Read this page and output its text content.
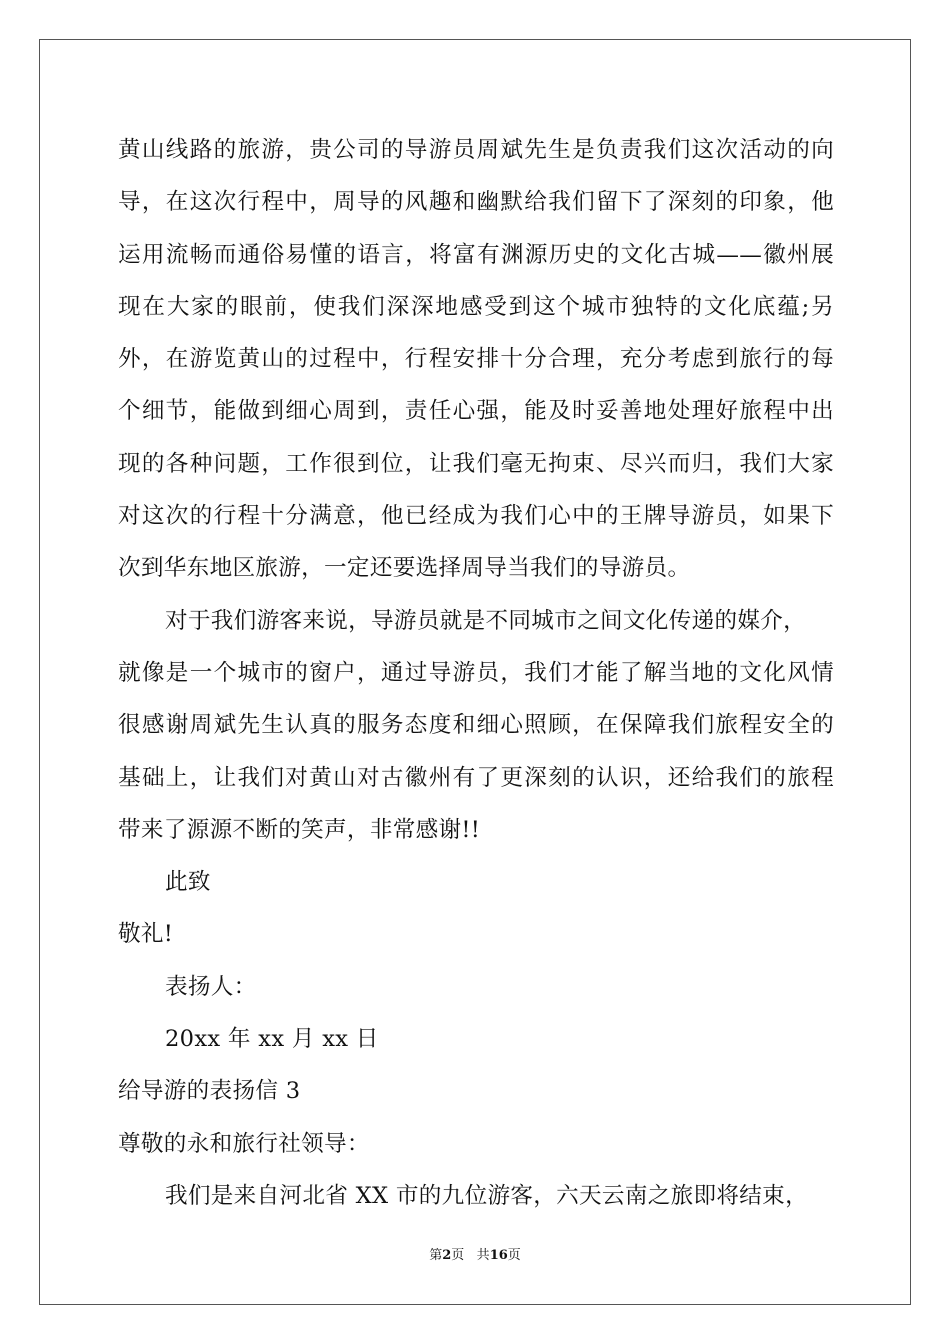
黄山线路的旅游，贵公司的导游员周斌先生是负责我们这次活动的向
导，在这次行程中，周导的风趣和幽默给我们留下了深刻的印象，他
运用流畅而通俗易懂的语言，将富有渊源历史的文化古城——徽州展
现在大家的眼前，使我们深深地感受到这个城市独特的文化底蕴;另
外，在游览黄山的过程中，行程安排十分合理，充分考虑到旅行的每
个细节，能做到细心周到，责任心强，能及时妥善地处理好旅程中出
现的各种问题，工作很到位，让我们毫无拘束、尽兴而归，我们大家
对这次的行程十分满意，他已经成为我们心中的王牌导游员，如果下
次到华东地区旅游，一定还要选择周导当我们的导游员。
对于我们游客来说，导游员就是不同城市之间文化传递的媒介，
就像是一个城市的窗户，通过导游员，我们才能了解当地的文化风情
很感谢周斌先生认真的服务态度和细心照顾，在保障我们旅程安全的
基础上，让我们对黄山对古徽州有了更深刻的认识，还给我们的旅程
带来了源源不断的笑声，非常感谢!!
此致
敬礼!
表扬人：
20xx 年 xx 月 xx 日
给导游的表扬信 3
尊敬的永和旅行社领导：
我们是来自河北省 XX 市的九位游客，六天云南之旅即将结束，
第2页 共16页
